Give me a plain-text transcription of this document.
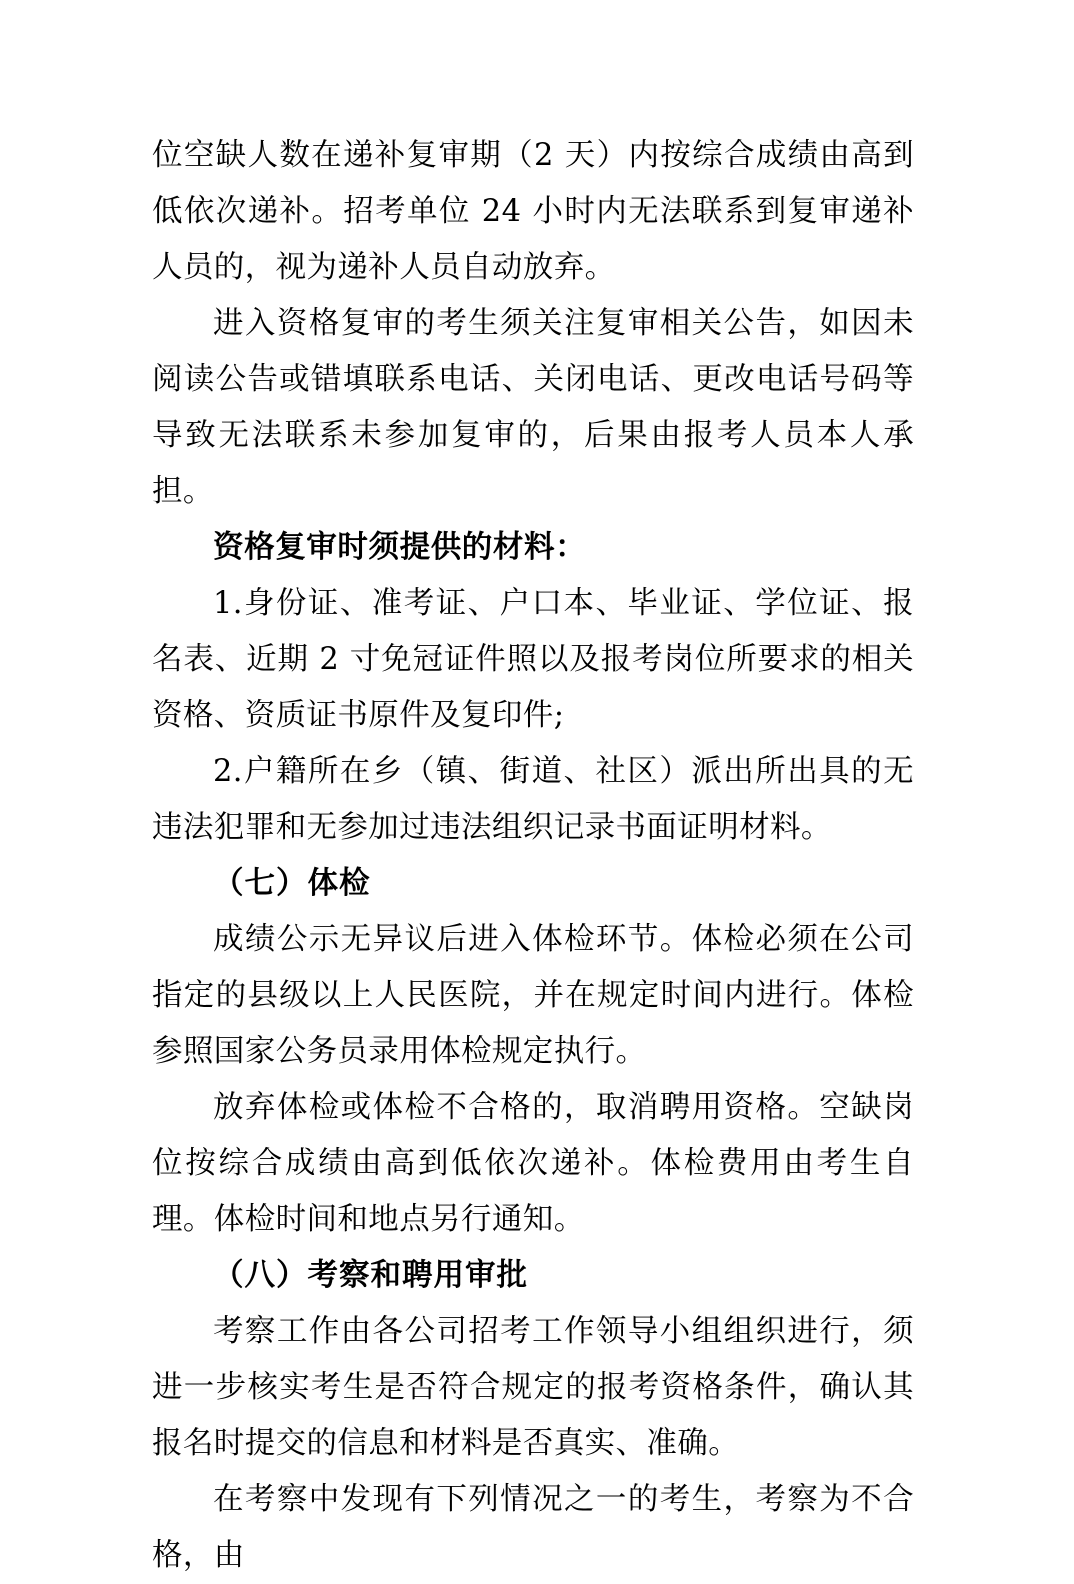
位空缺人数在递补复审期（2 天）内按综合成绩由高到低依次递补。招考单位 24 小时内无法联系到复审递补人员的，视为递补人员自动放弃。

进入资格复审的考生须关注复审相关公告，如因未阅读公告或错填联系电话、关闭电话、更改电话号码等导致无法联系未参加复审的，后果由报考人员本人承担。

资格复审时须提供的材料：

1.身份证、准考证、户口本、毕业证、学位证、报名表、近期 2 寸免冠证件照以及报考岗位所要求的相关资格、资质证书原件及复印件;

2.户籍所在乡（镇、街道、社区）派出所出具的无违法犯罪和无参加过违法组织记录书面证明材料。

（七）体检

成绩公示无异议后进入体检环节。体检必须在公司指定的县级以上人民医院，并在规定时间内进行。体检参照国家公务员录用体检规定执行。

放弃体检或体检不合格的，取消聘用资格。空缺岗位按综合成绩由高到低依次递补。体检费用由考生自理。体检时间和地点另行通知。

（八）考察和聘用审批

考察工作由各公司招考工作领导小组组织进行，须进一步核实考生是否符合规定的报考资格条件，确认其报名时提交的信息和材料是否真实、准确。

在考察中发现有下列情况之一的考生，考察为不合格，由
